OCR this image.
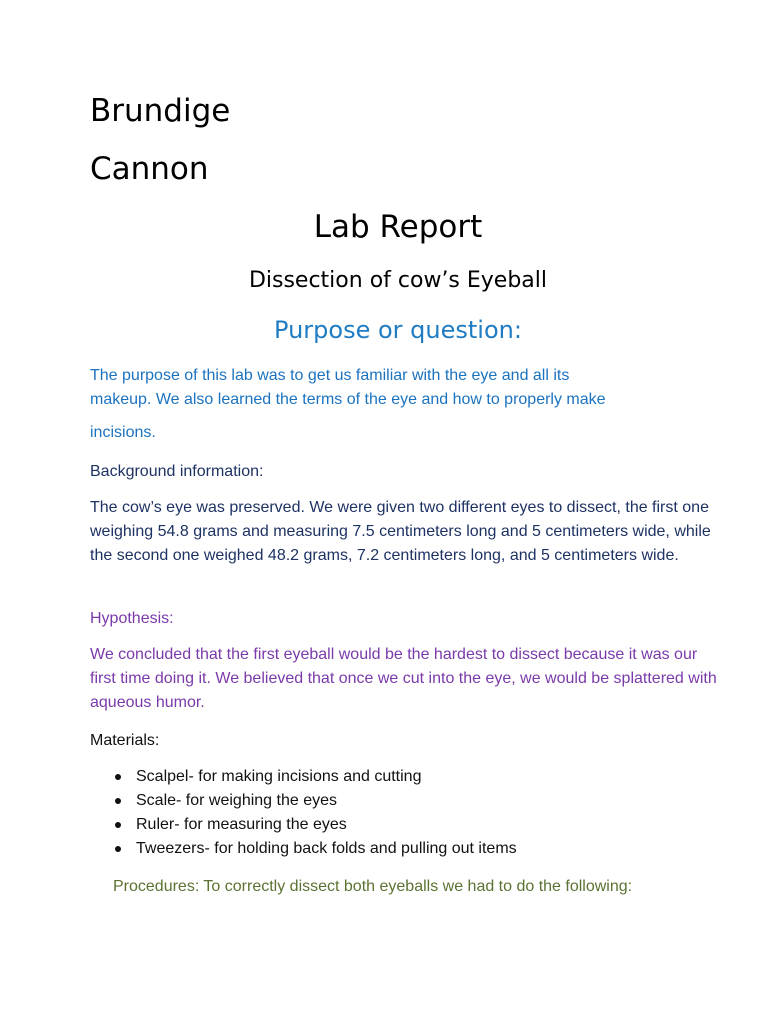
Brundige
Cannon
Lab Report
Dissection of cow’s Eyeball
Purpose or question:

The purpose of this lab was to get us familiar with the eye and all its

makeup. We also learned the terms of the eye and how to properly make

incisions.

Background information:

The cow’s eye was preserved. We were given two different eyes to dissect, the first one weighing 54.8 grams and measuring 7.5 centimeters long and 5 centimeters wide, while the second one weighed 48.2 grams, 7.2 centimeters long, and 5 centimeters wide.

Hypothesis:

We concluded that the first eyeball would be the hardest to dissect because it was our first time doing it. We believed that once we cut into the eye, we would be splattered with aqueous humor.

Materials:

Scalpel- for making incisions and cutting
Scale- for weighing the eyes
Ruler- for measuring the eyes
Tweezers- for holding back folds and pulling out items

Procedures: To correctly dissect both eyeballs we had to do the following:
